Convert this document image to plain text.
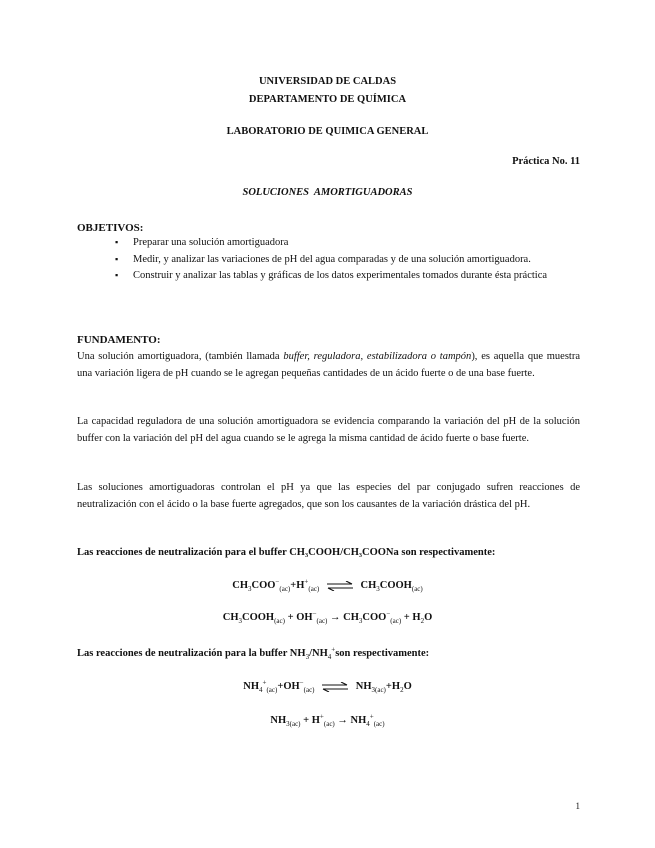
UNIVERSIDAD DE CALDAS
DEPARTAMENTO DE QUÍMICA
LABORATORIO DE QUIMICA GENERAL
Práctica No. 11
SOLUCIONES  AMORTIGUADORAS
OBJETIVOS:
▪ Preparar una solución amortiguadora
▪ Medir, y analizar las variaciones de pH del agua comparadas y de una solución amortiguadora.
▪ Construir y analizar las tablas y gráficas de los datos experimentales tomados durante ésta práctica
FUNDAMENTO:
Una solución amortiguadora, (también llamada buffer, reguladora, estabilizadora o tampón), es aquella que muestra una variación ligera de pH cuando se le agregan pequeñas cantidades de un ácido fuerte o de una base fuerte.
La capacidad reguladora de una solución amortiguadora se evidencia comparando la variación del pH de la solución buffer con la variación del pH del agua cuando se le agrega la misma cantidad de ácido fuerte o base fuerte.
Las soluciones amortiguadoras controlan el pH ya que las especies del par conjugado sufren reacciones de neutralización con el ácido o la base fuerte agregados, que son los causantes de la variación drástica del pH.
Las reacciones de neutralización para el buffer CH₃COOH/CH₃COONa son respectivamente:
$CH_3COO^-_{(ac)}+H^+_{(ac)}$ ⇌ $CH_3COOH_{(ac)}$
$CH_3COOH_{(ac)} + OH^-_{(ac)} \to CH_3COO^-_{(ac)} + H_2O$
Las reacciones de neutralización para la buffer $NH_3/NH_4^+son$ respectivamente:
$NH_4^+_{(ac)}+OH^-_{(ac)}$ ⇌ $NH_{3(ac)}+H_2O$
$NH_{3(ac)} + H^+_{(ac)} \to NH_4^+_{(ac)}$
1
